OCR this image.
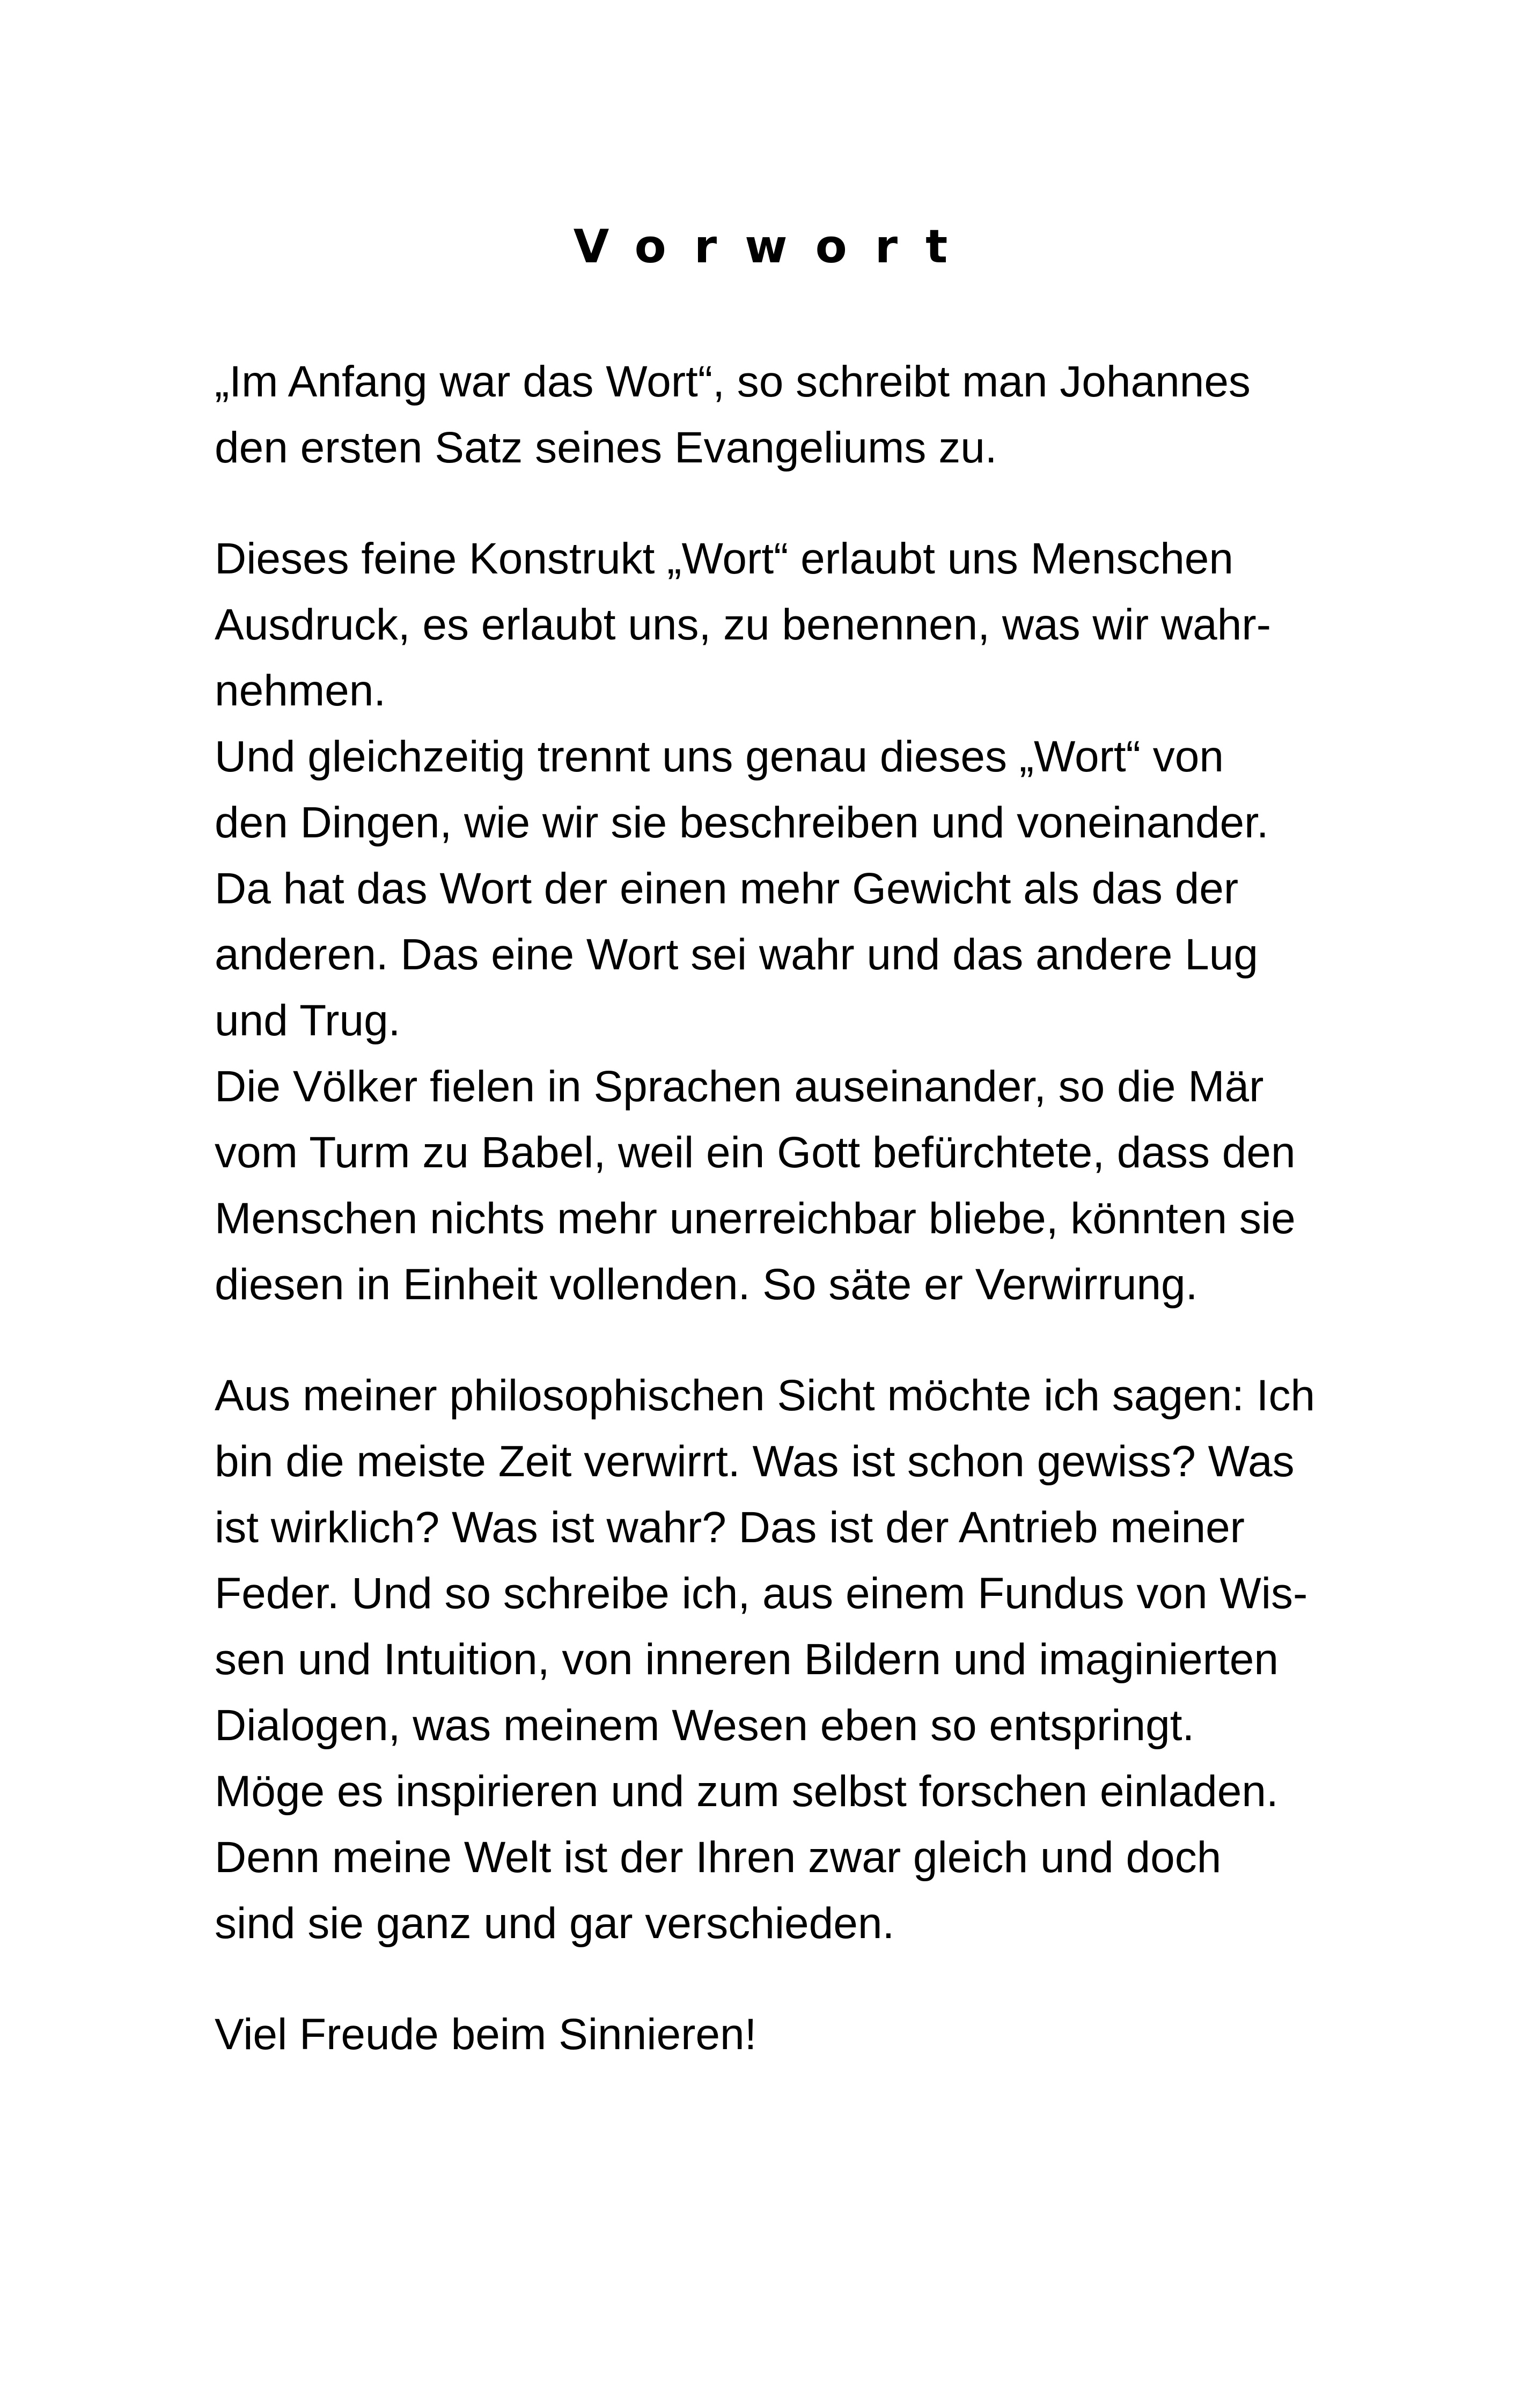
Vorwort

„Im Anfang war das Wort“, so schreibt man Johannes
den ersten Satz seines Evangeliums zu.

Dieses feine Konstrukt „Wort“ erlaubt uns Menschen
Ausdruck, es erlaubt uns, zu benennen, was wir wahr-
nehmen.
Und gleichzeitig trennt uns genau dieses „Wort“ von
den Dingen, wie wir sie beschreiben und voneinander.
Da hat das Wort der einen mehr Gewicht als das der
anderen. Das eine Wort sei wahr und das andere Lug
und Trug.
Die Völker fielen in Sprachen auseinander, so die Mär
vom Turm zu Babel, weil ein Gott befürchtete, dass den
Menschen nichts mehr unerreichbar bliebe, könnten sie
diesen in Einheit vollenden. So säte er Verwirrung.

Aus meiner philosophischen Sicht möchte ich sagen: Ich
bin die meiste Zeit verwirrt. Was ist schon gewiss? Was
ist wirklich? Was ist wahr? Das ist der Antrieb meiner
Feder. Und so schreibe ich, aus einem Fundus von Wis-
sen und Intuition, von inneren Bildern und imaginierten
Dialogen, was meinem Wesen eben so entspringt.
Möge es inspirieren und zum selbst forschen einladen.
Denn meine Welt ist der Ihren zwar gleich und doch
sind sie ganz und gar verschieden.

Viel Freude beim Sinnieren!
